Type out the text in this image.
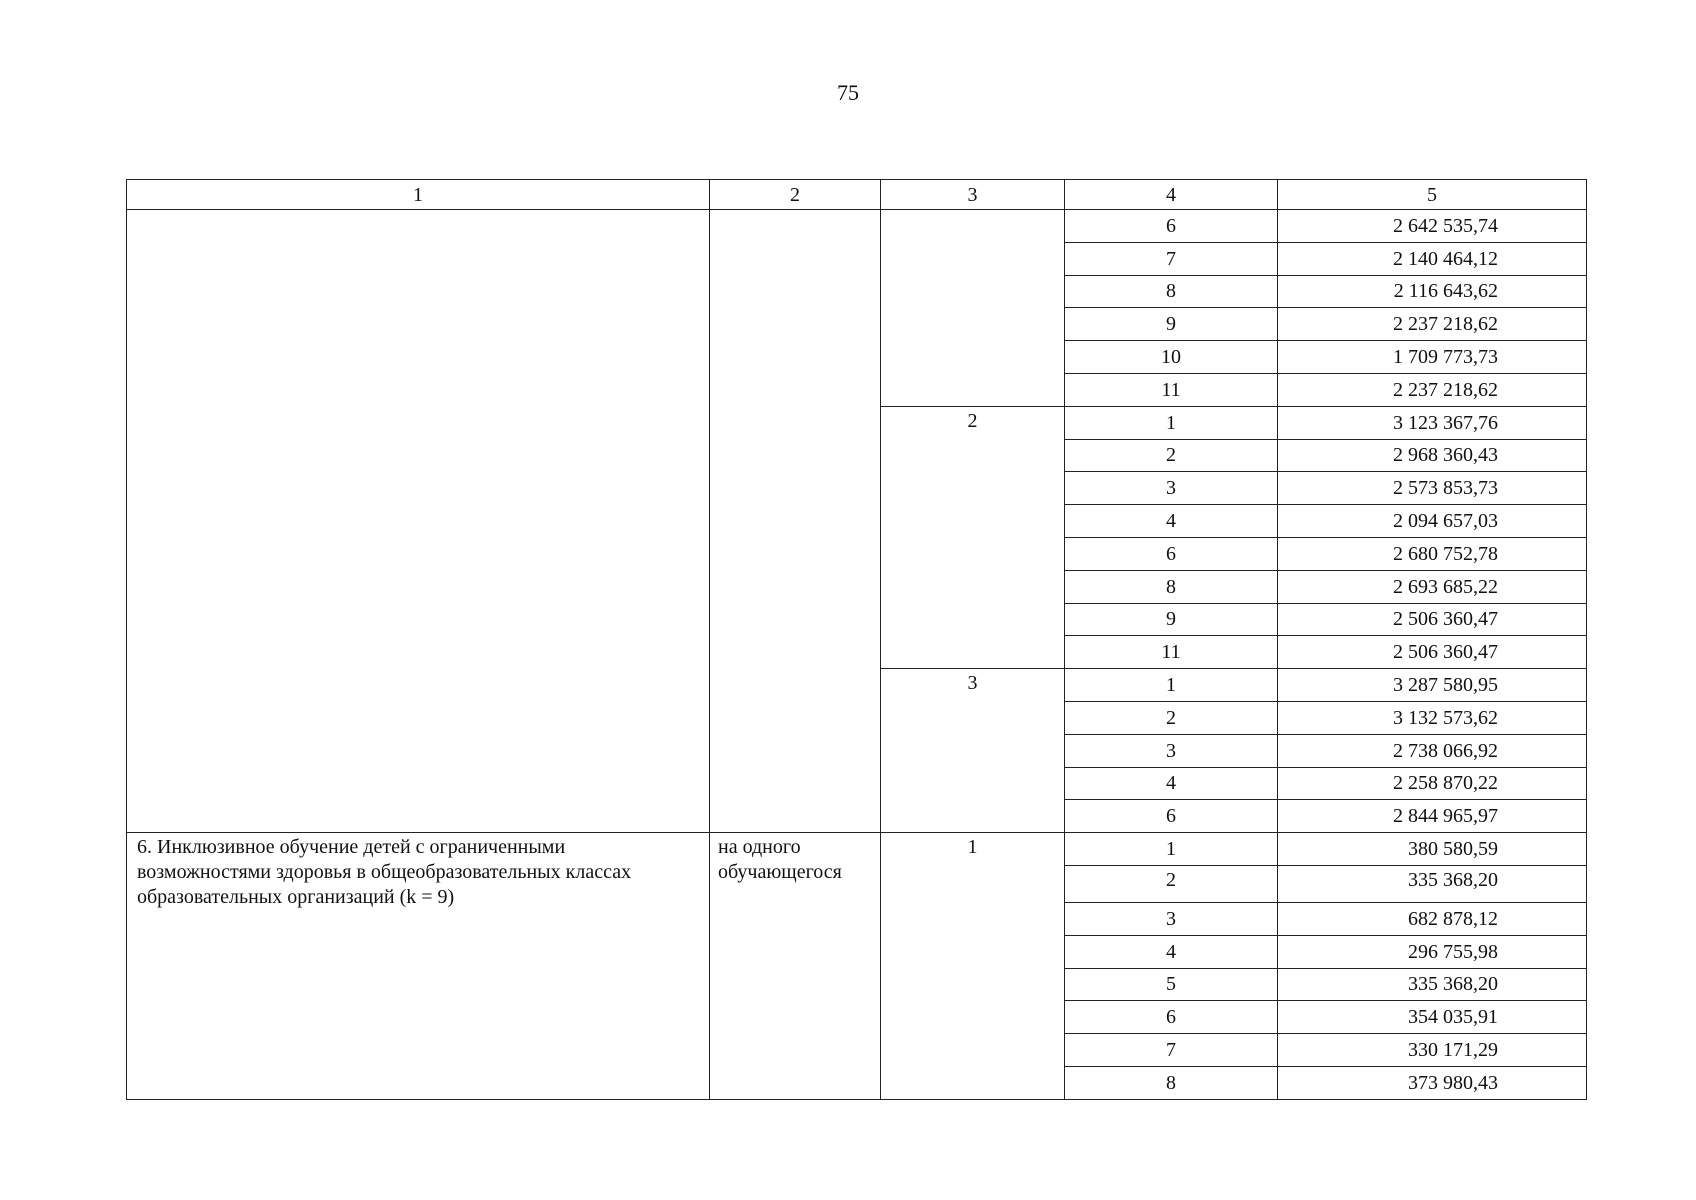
75
1	2	3	4	5
			6	2 642 535,74
			7	2 140 464,12
			8	2 116 643,62
			9	2 237 218,62
			10	1 709 773,73
			11	2 237 218,62
		2	1	3 123 367,76
			2	2 968 360,43
			3	2 573 853,73
			4	2 094 657,03
			6	2 680 752,78
			8	2 693 685,22
			9	2 506 360,47
			11	2 506 360,47
		3	1	3 287 580,95
			2	3 132 573,62
			3	2 738 066,92
			4	2 258 870,22
			6	2 844 965,97
6. Инклюзивное обучение детей с ограниченными возможностями здоровья в общеобразовательных классах образовательных организаций (k = 9)	на одного обучающегося	1	1	380 580,59
			2	335 368,20
			3	682 878,12
			4	296 755,98
			5	335 368,20
			6	354 035,91
			7	330 171,29
			8	373 980,43
